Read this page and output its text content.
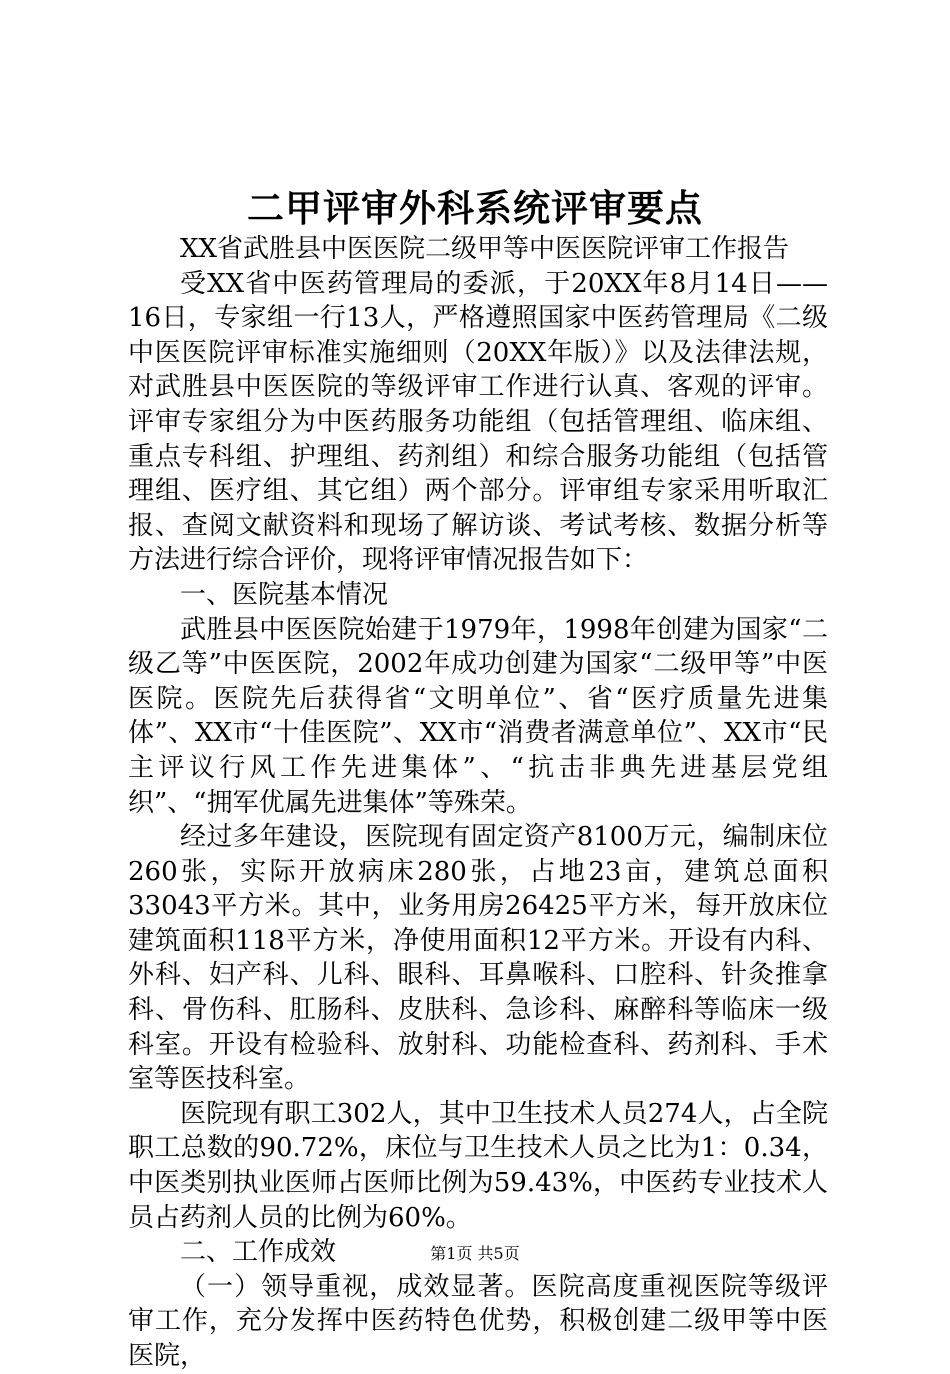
二甲评审外科系统评审要点

XX省武胜县中医医院二级甲等中医医院评审工作报告

受XX省中医药管理局的委派，于20XX年8月14日——16日，专家组一行13人，严格遵照国家中医药管理局《二级中医医院评审标准实施细则（20XX年版）》以及法律法规，对武胜县中医医院的等级评审工作进行认真、客观的评审。评审专家组分为中医药服务功能组（包括管理组、临床组、重点专科组、护理组、药剂组）和综合服务功能组（包括管理组、医疗组、其它组）两个部分。评审组专家采用听取汇报、查阅文献资料和现场了解访谈、考试考核、数据分析等方法进行综合评价，现将评审情况报告如下：

一、医院基本情况

武胜县中医医院始建于1979年，1998年创建为国家“二级乙等”中医医院，2002年成功创建为国家“二级甲等”中医医院。医院先后获得省“文明单位”、省“医疗质量先进集体”、XX市“十佳医院”、XX市“消费者满意单位”、XX市“民主评议行风工作先进集体”、“抗击非典先进基层党组织”、“拥军优属先进集体”等殊荣。

经过多年建设，医院现有固定资产8100万元，编制床位260张，实际开放病床280张，占地23亩，建筑总面积33043平方米。其中，业务用房26425平方米，每开放床位建筑面积118平方米，净使用面积12平方米。开设有内科、外科、妇产科、儿科、眼科、耳鼻喉科、口腔科、针灸推拿科、骨伤科、肛肠科、皮肤科、急诊科、麻醉科等临床一级科室。开设有检验科、放射科、功能检查科、药剂科、手术室等医技科室。

医院现有职工302人，其中卫生技术人员274人，占全院职工总数的90.72%，床位与卫生技术人员之比为1：0.34，中医类别执业医师占医师比例为59.43%，中医药专业技术人员占药剂人员的比例为60%。

二、工作成效

（一）领导重视，成效显著。医院高度重视医院等级评审工作，充分发挥中医药特色优势，积极创建二级甲等中医医院，

第1页 共5页
